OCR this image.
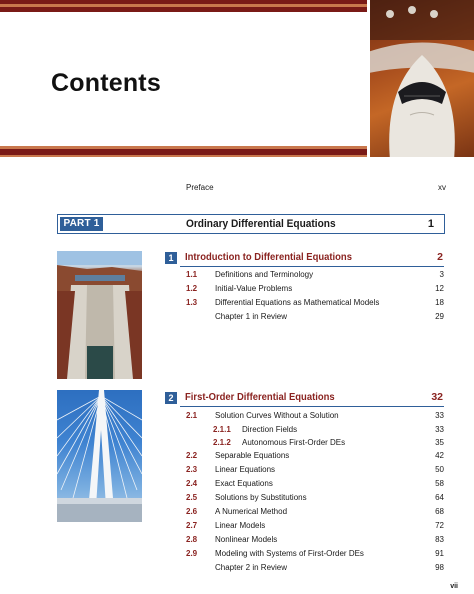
Contents
Preface	xv
PART 1	Ordinary Differential Equations	1
1	Introduction to Differential Equations	2
1.1 Definitions and Terminology	3
1.2 Initial-Value Problems	12
1.3 Differential Equations as Mathematical Models	18
Chapter 1 in Review	29
2	First-Order Differential Equations	32
2.1 Solution Curves Without a Solution	33
2.1.1 Direction Fields	33
2.1.2 Autonomous First-Order DEs	35
2.2 Separable Equations	42
2.3 Linear Equations	50
2.4 Exact Equations	58
2.5 Solutions by Substitutions	64
2.6 A Numerical Method	68
2.7 Linear Models	72
2.8 Nonlinear Models	83
2.9 Modeling with Systems of First-Order DEs	91
Chapter 2 in Review	98
vii
